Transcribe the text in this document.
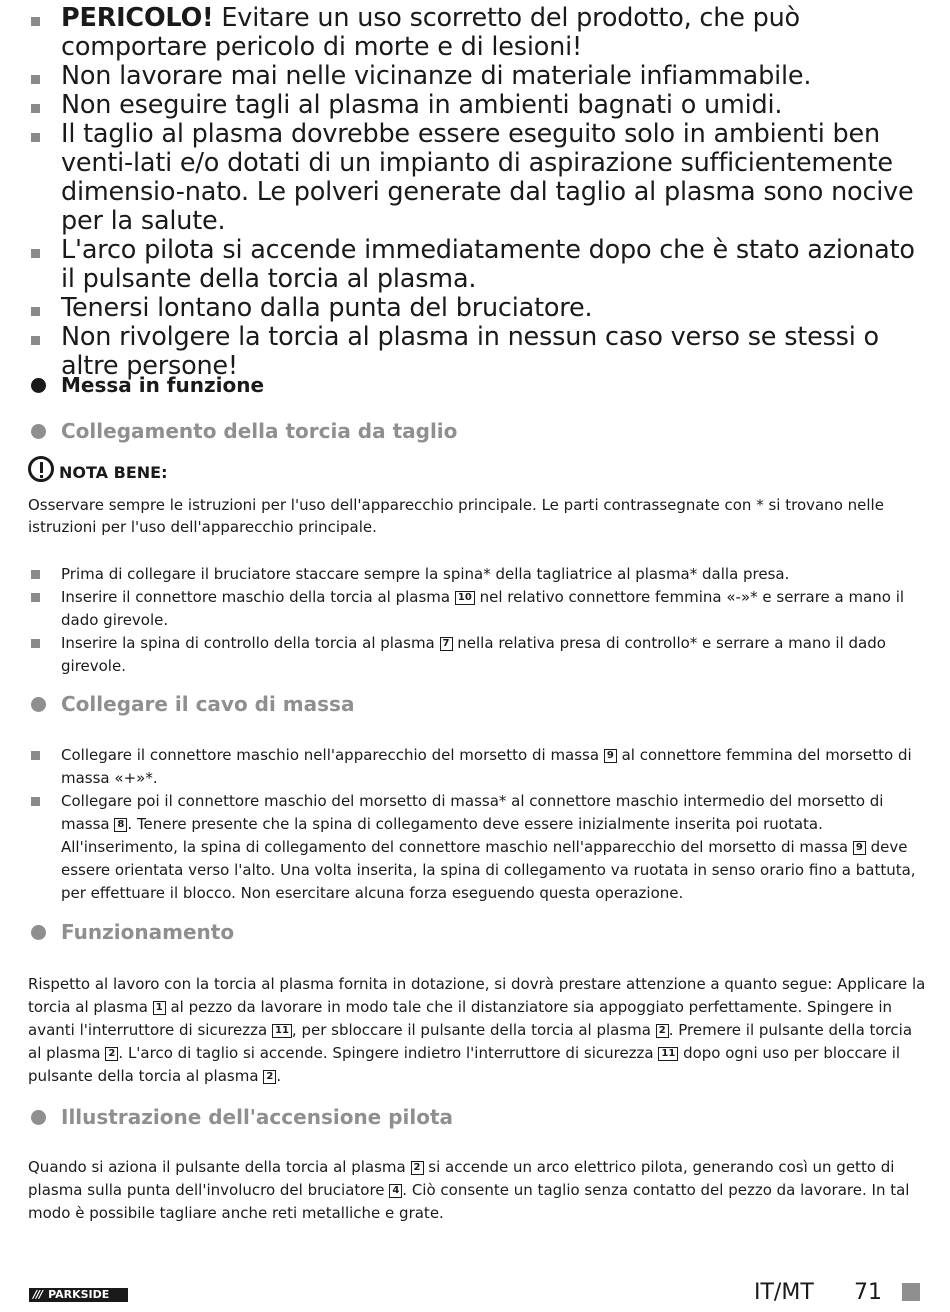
PERICOLO! Evitare un uso scorretto del prodotto, che può comportare pericolo di morte e di lesioni!
Non lavorare mai nelle vicinanze di materiale infiammabile.
Non eseguire tagli al plasma in ambienti bagnati o umidi.
Il taglio al plasma dovrebbe essere eseguito solo in ambienti ben venti-lati e/o dotati di un impianto di aspirazione sufficientemente dimensio-nato. Le polveri generate dal taglio al plasma sono nocive per la salute.
L'arco pilota si accende immediatamente dopo che è stato azionato il pulsante della torcia al plasma.
Tenersi lontano dalla punta del bruciatore.
Non rivolgere la torcia al plasma in nessun caso verso se stessi o altre persone!
Messa in funzione
Collegamento della torcia da taglio
NOTA BENE:
Osservare sempre le istruzioni per l'uso dell'apparecchio principale. Le parti contrassegnate con * si trovano nelle istruzioni per l'uso dell'apparecchio principale.
Prima di collegare il bruciatore staccare sempre la spina* della tagliatrice al plasma* dalla presa.
Inserire il connettore maschio della torcia al plasma 10 nel relativo connettore femmina «-»* e serrare a mano il dado girevole.
Inserire la spina di controllo della torcia al plasma 7 nella relativa presa di controllo* e serrare a mano il dado girevole.
Collegare il cavo di massa
Collegare il connettore maschio nell'apparecchio del morsetto di massa 9 al connettore femmina del morsetto di massa «+»*.
Collegare poi il connettore maschio del morsetto di massa* al connettore maschio intermedio del morsetto di massa 8 . Tenere presente che la spina di collegamento deve essere inizialmente inserita poi ruotata. All'inserimento, la spina di collegamento del connettore maschio nell'apparecchio del morsetto di massa 9 deve essere orientata verso l'alto. Una volta inserita, la spina di collegamento va ruotata in senso orario fino a battuta, per effettuare il blocco. Non esercitare alcuna forza eseguendo questa operazione.
Funzionamento
Rispetto al lavoro con la torcia al plasma fornita in dotazione, si dovrà prestare attenzione a quanto segue: Applicare la torcia al plasma 1 al pezzo da lavorare in modo tale che il distanziatore sia appoggiato perfettamente. Spingere in avanti l'interruttore di sicurezza 11 , per sbloccare il pulsante della torcia al plasma 2 . Premere il pulsante della torcia al plasma 2 . L'arco di taglio si accende. Spingere indietro l'interruttore di sicurezza 11 dopo ogni uso per bloccare il pulsante della torcia al plasma 2 .
Illustrazione dell'accensione pilota
Quando si aziona il pulsante della torcia al plasma 2 si accende un arco elettrico pilota, generando così un getto di plasma sulla punta dell'involucro del bruciatore 4 . Ciò consente un taglio senza contatto del pezzo da lavorare. In tal modo è possibile tagliare anche reti metalliche e grate.
/// PARKSIDE	IT/MT 71
